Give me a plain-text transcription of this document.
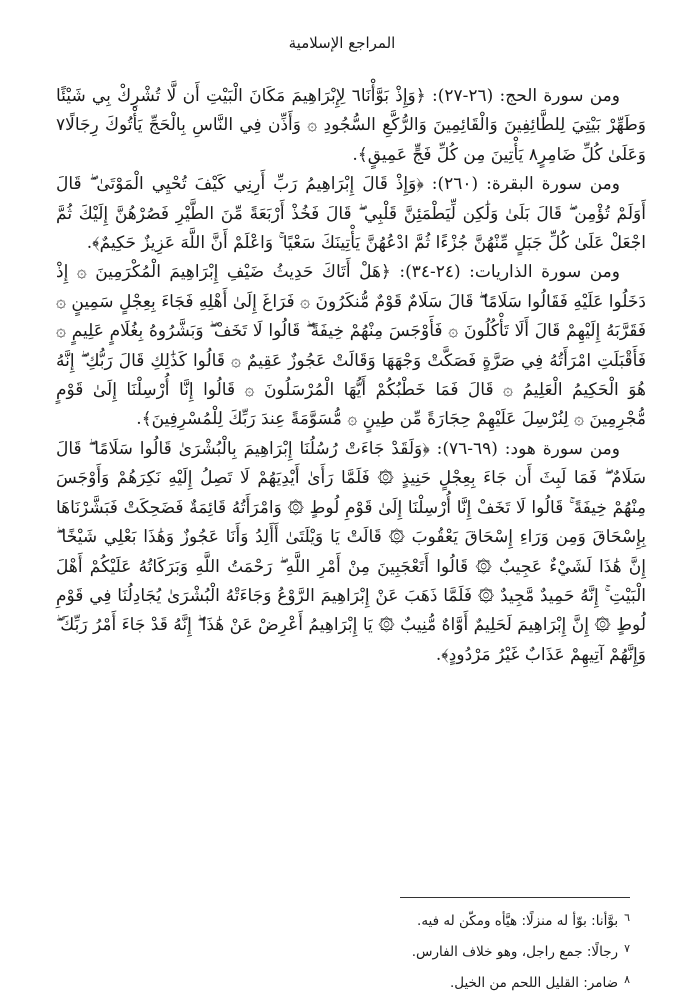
المراجع الإسلامية

ومن سورة الحج: (٢٦-٢٧): ﴿وَإِذْ بَوَّأْنَا٦ لِإِبْرَاهِيمَ مَكَانَ الْبَيْتِ أَن لَّا تُشْرِكْ بِي شَيْئًا وَطَهِّرْ بَيْتِيَ لِلطَّائِفِينَ وَالْقَائِمِينَ وَالرُّكَّعِ السُّجُودِ ۞ وَأَذِّن فِي النَّاسِ بِالْحَجِّ يَأْتُوكَ رِجَالًا٧ وَعَلَىٰ كُلِّ ضَامِرٍ٨ يَأْتِينَ مِن كُلِّ فَجٍّ عَمِيقٍ﴾.

ومن سورة البقرة: (٢٦٠): ﴿وَإِذْ قَالَ إِبْرَاهِيمُ رَبِّ أَرِنِي كَيْفَ تُحْيِي الْمَوْتَىٰ ۖ قَالَ أَوَلَمْ تُؤْمِن ۖ قَالَ بَلَىٰ وَلَٰكِن لِّيَطْمَئِنَّ قَلْبِي ۖ قَالَ فَخُذْ أَرْبَعَةً مِّنَ الطَّيْرِ فَصُرْهُنَّ إِلَيْكَ ثُمَّ اجْعَلْ عَلَىٰ كُلِّ جَبَلٍ مِّنْهُنَّ جُزْءًا ثُمَّ ادْعُهُنَّ يَأْتِينَكَ سَعْيًا ۚ وَاعْلَمْ أَنَّ اللَّهَ عَزِيزٌ حَكِيمٌ﴾.

ومن سورة الذاريات: (٢٤-٣٤): ﴿هَلْ أَتَاكَ حَدِيثُ ضَيْفِ إِبْرَاهِيمَ الْمُكْرَمِينَ ۞ إِذْ دَخَلُوا عَلَيْهِ فَقَالُوا سَلَامًا ۖ قَالَ سَلَامٌ قَوْمٌ مُّنكَرُونَ ۞ فَرَاغَ إِلَىٰ أَهْلِهِ فَجَاءَ بِعِجْلٍ سَمِينٍ ۞ فَقَرَّبَهُ إِلَيْهِمْ قَالَ أَلَا تَأْكُلُونَ ۞ فَأَوْجَسَ مِنْهُمْ خِيفَةً ۖ قَالُوا لَا تَخَفْ ۖ وَبَشَّرُوهُ بِغُلَامٍ عَلِيمٍ ۞ فَأَقْبَلَتِ امْرَأَتُهُ فِي صَرَّةٍ فَصَكَّتْ وَجْهَهَا وَقَالَتْ عَجُوزٌ عَقِيمٌ ۞ قَالُوا كَذَٰلِكِ قَالَ رَبُّكِ ۖ إِنَّهُ هُوَ الْحَكِيمُ الْعَلِيمُ ۞ قَالَ فَمَا خَطْبُكُمْ أَيُّهَا الْمُرْسَلُونَ ۞ قَالُوا إِنَّا أُرْسِلْنَا إِلَىٰ قَوْمٍ مُّجْرِمِينَ ۞ لِنُرْسِلَ عَلَيْهِمْ حِجَارَةً مِّن طِينٍ ۞ مُّسَوَّمَةً عِندَ رَبِّكَ لِلْمُسْرِفِينَ﴾.

ومن سورة هود: (٦٩-٧٦): ﴿وَلَقَدْ جَاءَتْ رُسُلُنَا إِبْرَاهِيمَ بِالْبُشْرَىٰ قَالُوا سَلَامًا ۖ قَالَ سَلَامٌ ۖ فَمَا لَبِثَ أَن جَاءَ بِعِجْلٍ حَنِيذٍ ۞ فَلَمَّا رَأَىٰ أَيْدِيَهُمْ لَا تَصِلُ إِلَيْهِ نَكِرَهُمْ وَأَوْجَسَ مِنْهُمْ خِيفَةً ۚ قَالُوا لَا تَخَفْ إِنَّا أُرْسِلْنَا إِلَىٰ قَوْمِ لُوطٍ ۞ وَامْرَأَتُهُ قَائِمَةٌ فَضَحِكَتْ فَبَشَّرْنَاهَا بِإِسْحَاقَ وَمِن وَرَاءِ إِسْحَاقَ يَعْقُوبَ ۞ قَالَتْ يَا وَيْلَتَىٰ أَأَلِدُ وَأَنَا عَجُوزٌ وَهَٰذَا بَعْلِي شَيْخًا ۖ إِنَّ هَٰذَا لَشَيْءٌ عَجِيبٌ ۞ قَالُوا أَتَعْجَبِينَ مِنْ أَمْرِ اللَّهِ ۖ رَحْمَتُ اللَّهِ وَبَرَكَاتُهُ عَلَيْكُمْ أَهْلَ الْبَيْتِ ۚ إِنَّهُ حَمِيدٌ مَّجِيدٌ ۞ فَلَمَّا ذَهَبَ عَنْ إِبْرَاهِيمَ الرَّوْعُ وَجَاءَتْهُ الْبُشْرَىٰ يُجَادِلُنَا فِي قَوْمِ لُوطٍ ۞ إِنَّ إِبْرَاهِيمَ لَحَلِيمٌ أَوَّاهٌ مُّنِيبٌ ۞ يَا إِبْرَاهِيمُ أَعْرِضْ عَنْ هَٰذَا ۖ إِنَّهُ قَدْ جَاءَ أَمْرُ رَبِّكَ ۖ وَإِنَّهُمْ آتِيهِمْ عَذَابٌ غَيْرُ مَرْدُودٍ﴾.

$^٦$بوَّأنا: بوّأ له منزلًا: هيَّأه ومكّن له فيه.
$^٧$رجالًا: جمع راجل، وهو خلاف الفارس.
$^٨$ضامر: القليل اللحم من الخيل.
